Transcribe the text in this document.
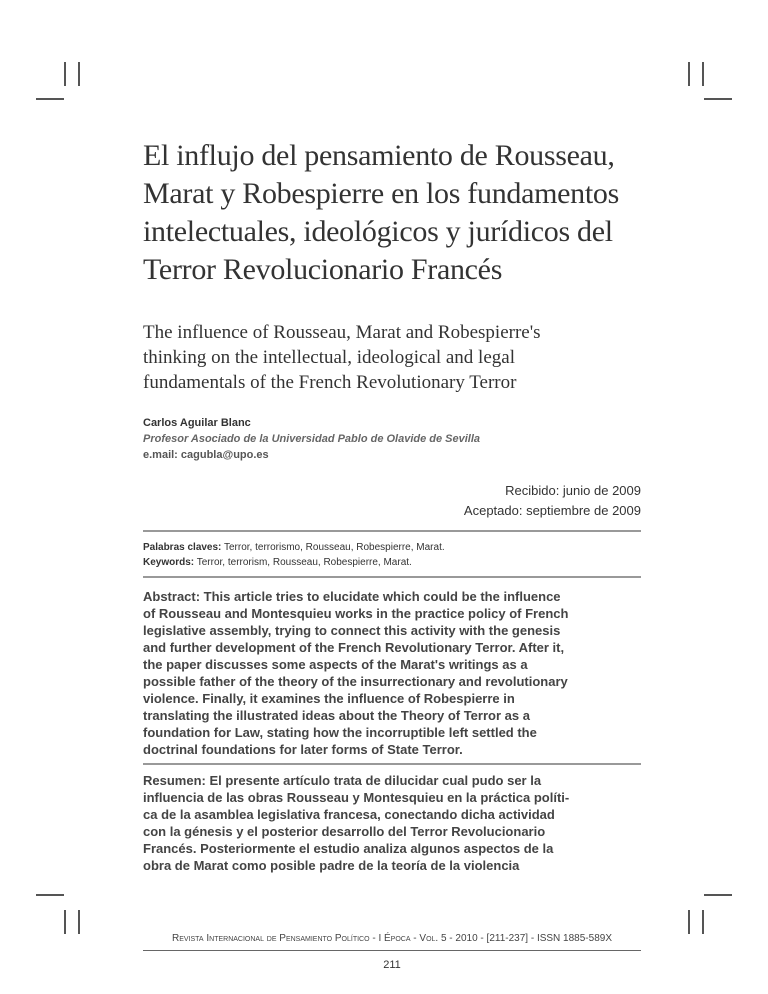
El influjo del pensamiento de Rousseau,
Marat y Robespierre en los fundamentos
intelectuales, ideológicos y jurídicos del
Terror Revolucionario Francés
The influence of Rousseau, Marat and Robespierre's
thinking on the intellectual, ideological and legal
fundamentals of the French Revolutionary Terror
Carlos Aguilar Blanc
Profesor Asociado de la Universidad Pablo de Olavide de Sevilla
e.mail: cagubla@upo.es
Recibido: junio de 2009
Aceptado: septiembre de 2009
Palabras claves: Terror, terrorismo, Rousseau, Robespierre, Marat.
Keywords: Terror, terrorism, Rousseau, Robespierre, Marat.
Abstract: This article tries to elucidate which could be the influence
of Rousseau and Montesquieu works in the practice policy of French
legislative assembly, trying to connect this activity with the genesis
and further development of the French Revolutionary Terror. After it,
the paper discusses some aspects of the Marat's writings as a
possible father of the theory of the insurrectionary and revolutionary
violence. Finally, it examines the influence of Robespierre in
translating the illustrated ideas about the Theory of Terror as a
foundation for Law, stating how the incorruptible left settled the
doctrinal foundations for later forms of State Terror.
Resumen: El presente artículo trata de dilucidar cual pudo ser la
influencia de las obras Rousseau y Montesquieu en la práctica políti-
ca de la asamblea legislativa francesa, conectando dicha actividad
con la génesis y el posterior desarrollo del Terror Revolucionario
Francés. Posteriormente el estudio analiza algunos aspectos de la
obra de Marat como posible padre de la teoría de la violencia
Revista Internacional de Pensamiento Político - I Época - Vol. 5 - 2010 - [211-237] - ISSN 1885-589X
211
